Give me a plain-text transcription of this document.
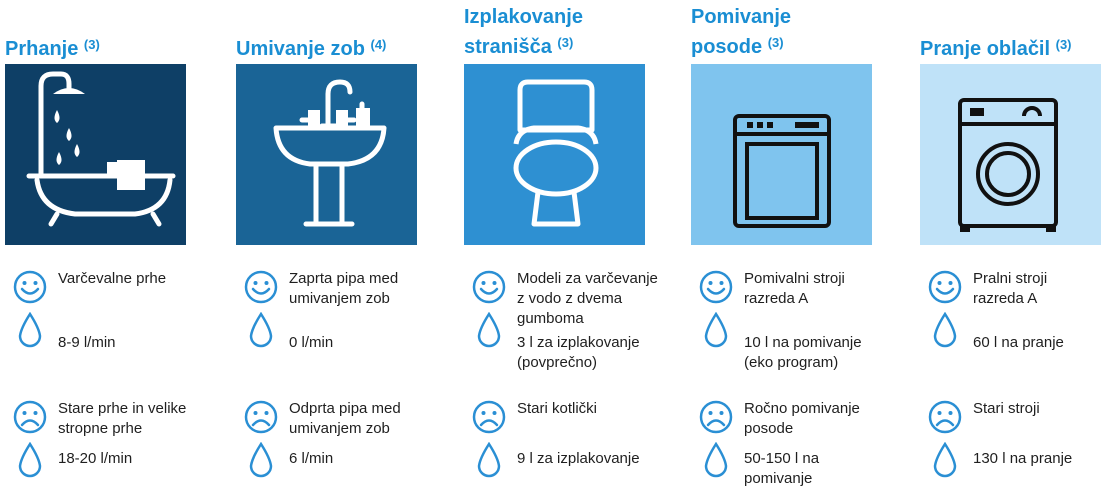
Prhanje $^{(3)}$
Varčevalne prhe
8-9 l/min
Stare prhe in velike stropne prhe
18-20 l/min
Umivanje zob $^{(4)}$
Zaprta pipa med umivanjem zob
0 l/min
Odprta pipa med umivanjem zob
6 l/min
Izplakovanje stranišča $^{(3)}$
Modeli za varčevanje z vodo z dvema gumboma
3 l za izplakovanje (povprečno)
Stari kotlički
9 l za izplakovanje
Pomivanje posode $^{(3)}$
Pomivalni stroji razreda A
10 l na pomivanje (eko program)
Ročno pomivanje posode
50-150 l na pomivanje
Pranje oblačil $^{(3)}$
Pralni stroji razreda A
60 l na pranje
Stari stroji
130 l na pranje
